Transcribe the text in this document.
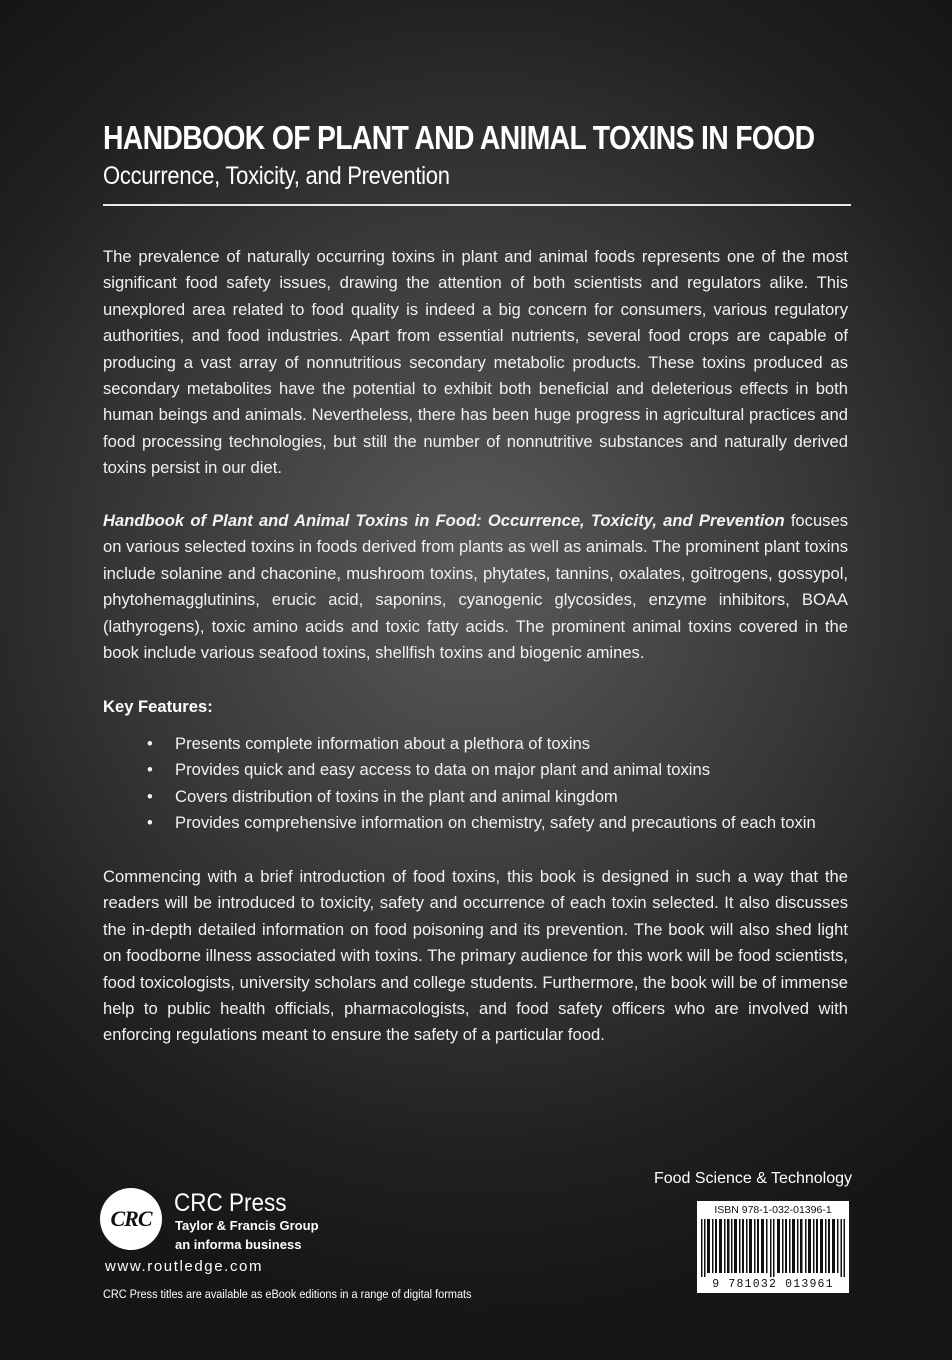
HANDBOOK OF PLANT AND ANIMAL TOXINS IN FOOD
Occurrence, Toxicity, and Prevention
The prevalence of naturally occurring toxins in plant and animal foods represents one of the most significant food safety issues, drawing the attention of both scientists and regulators alike. This unexplored area related to food quality is indeed a big concern for consumers, various regulatory authorities, and food industries. Apart from essential nutrients, several food crops are capable of producing a vast array of nonnutritious secondary metabolic products. These toxins produced as secondary metabolites have the potential to exhibit both beneficial and deleterious effects in both human beings and animals. Nevertheless, there has been huge progress in agricultural practices and food processing technologies, but still the number of nonnutritive substances and naturally derived toxins persist in our diet.
Handbook of Plant and Animal Toxins in Food: Occurrence, Toxicity, and Prevention focuses on various selected toxins in foods derived from plants as well as animals. The prominent plant toxins include solanine and chaconine, mushroom toxins, phytates, tannins, oxalates, goitrogens, gossypol, phytohemagglutinins, erucic acid, saponins, cyanogenic glycosides, enzyme inhibitors, BOAA (lathyrogens), toxic amino acids and toxic fatty acids. The prominent animal toxins covered in the book include various seafood toxins, shellfish toxins and biogenic amines.
Key Features:
• Presents complete information about a plethora of toxins
• Provides quick and easy access to data on major plant and animal toxins
• Covers distribution of toxins in the plant and animal kingdom
• Provides comprehensive information on chemistry, safety and precautions of each toxin
Commencing with a brief introduction of food toxins, this book is designed in such a way that the readers will be introduced to toxicity, safety and occurrence of each toxin selected. It also discusses the in-depth detailed information on food poisoning and its prevention. The book will also shed light on foodborne illness associated with toxins. The primary audience for this work will be food scientists, food toxicologists, university scholars and college students. Furthermore, the book will be of immense help to public health officials, pharmacologists, and food safety officers who are involved with enforcing regulations meant to ensure the safety of a particular food.
CRC
CRC Press
Taylor & Francis Group
an informa business
www.routledge.com
CRC Press titles are available as eBook editions in a range of digital formats
Food Science & Technology
ISBN 978-1-032-01396-1
9 781032 013961
